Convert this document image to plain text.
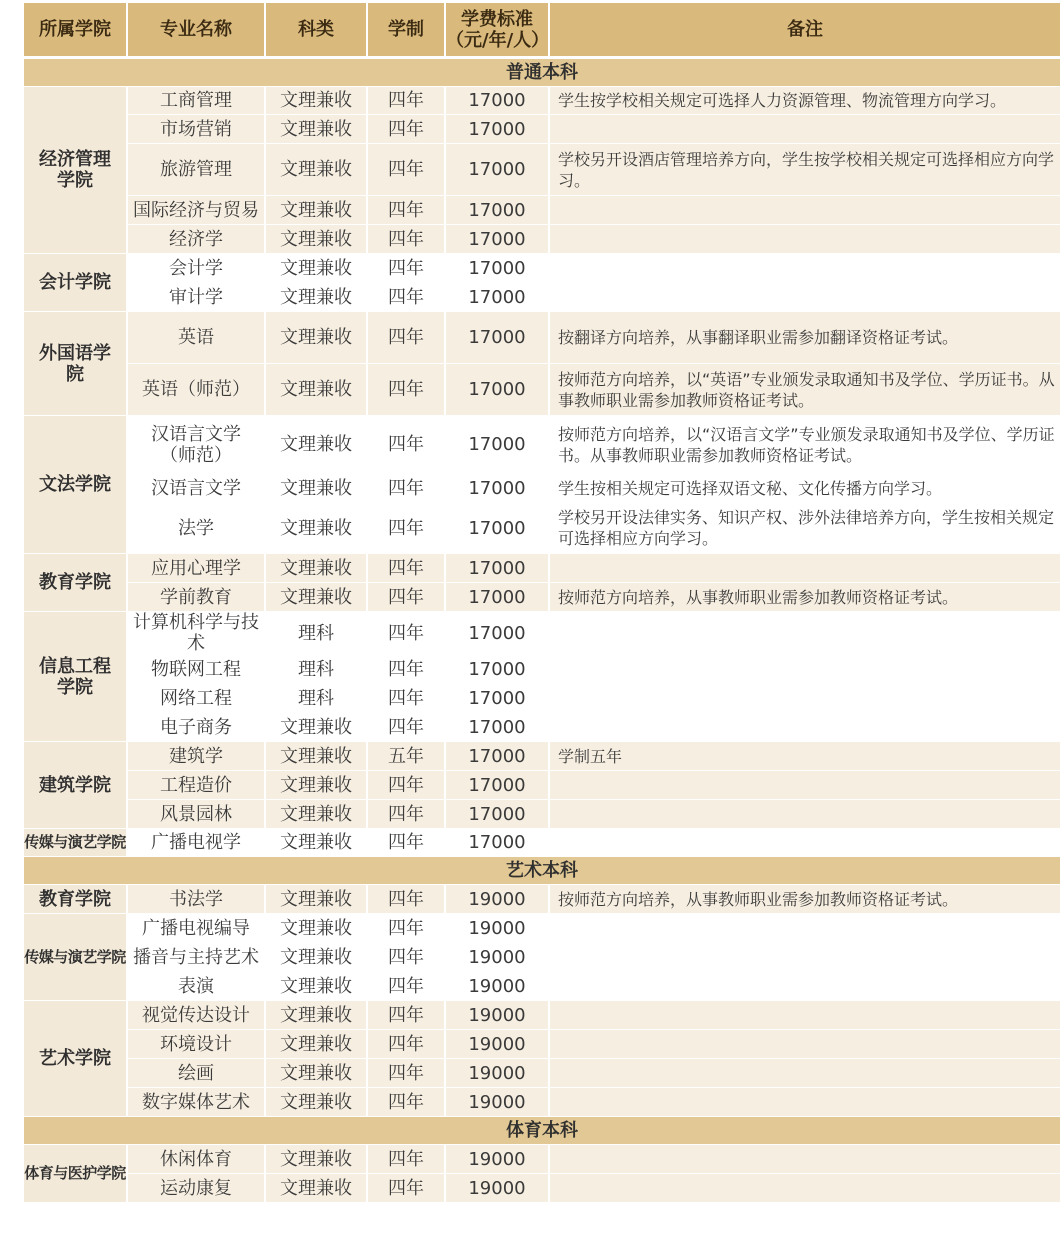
所属学院	专业名称	科类	学制	学费标准
（元/年/人）	备注
普通本科					
经济管理学院	工商管理	文理兼收	四年	17000	学生按学校相关规定可选择人力资源管理、物流管理方向学习。
	市场营销	文理兼收	四年	17000	
	旅游管理	文理兼收	四年	17000	学校另开设酒店管理培养方向，学生按学校相关规定可选择相应方向学习。
	国际经济与贸易	文理兼收	四年	17000	
	经济学	文理兼收	四年	17000	
会计学院	会计学	文理兼收	四年	17000	
	审计学	文理兼收	四年	17000	
外国语学院	英语	文理兼收	四年	17000	按翻译方向培养，从事翻译职业需参加翻译资格证考试。
	英语（师范）	文理兼收	四年	17000	按师范方向培养，以“英语”专业颁发录取通知书及学位、学历证书。从事教师职业需参加教师资格证考试。
文法学院	汉语言文学（师范）	文理兼收	四年	17000	按师范方向培养，以“汉语言文学”专业颁发录取通知书及学位、学历证书。从事教师职业需参加教师资格证考试。
	汉语言文学	文理兼收	四年	17000	学生按相关规定可选择双语文秘、文化传播方向学习。
	法学	文理兼收	四年	17000	学校另开设法律实务、知识产权、涉外法律培养方向，学生按相关规定可选择相应方向学习。
教育学院	应用心理学	文理兼收	四年	17000	
	学前教育	文理兼收	四年	17000	按师范方向培养，从事教师职业需参加教师资格证考试。
信息工程学院	计算机科学与技术	理科	四年	17000	
	物联网工程	理科	四年	17000	
	网络工程	理科	四年	17000	
	电子商务	文理兼收	四年	17000	
建筑学院	建筑学	文理兼收	五年	17000	学制五年
	工程造价	文理兼收	四年	17000	
	风景园林	文理兼收	四年	17000	
传媒与演艺学院	广播电视学	文理兼收	四年	17000	
艺术本科					
教育学院	书法学	文理兼收	四年	19000	按师范方向培养，从事教师职业需参加教师资格证考试。
传媒与演艺学院	广播电视编导	文理兼收	四年	19000	
	播音与主持艺术	文理兼收	四年	19000	
	表演	文理兼收	四年	19000	
艺术学院	视觉传达设计	文理兼收	四年	19000	
	环境设计	文理兼收	四年	19000	
	绘画	文理兼收	四年	19000	
	数字媒体艺术	文理兼收	四年	19000	
体育本科					
体育与医护学院	休闲体育	文理兼收	四年	19000	
	运动康复	文理兼收	四年	19000	
